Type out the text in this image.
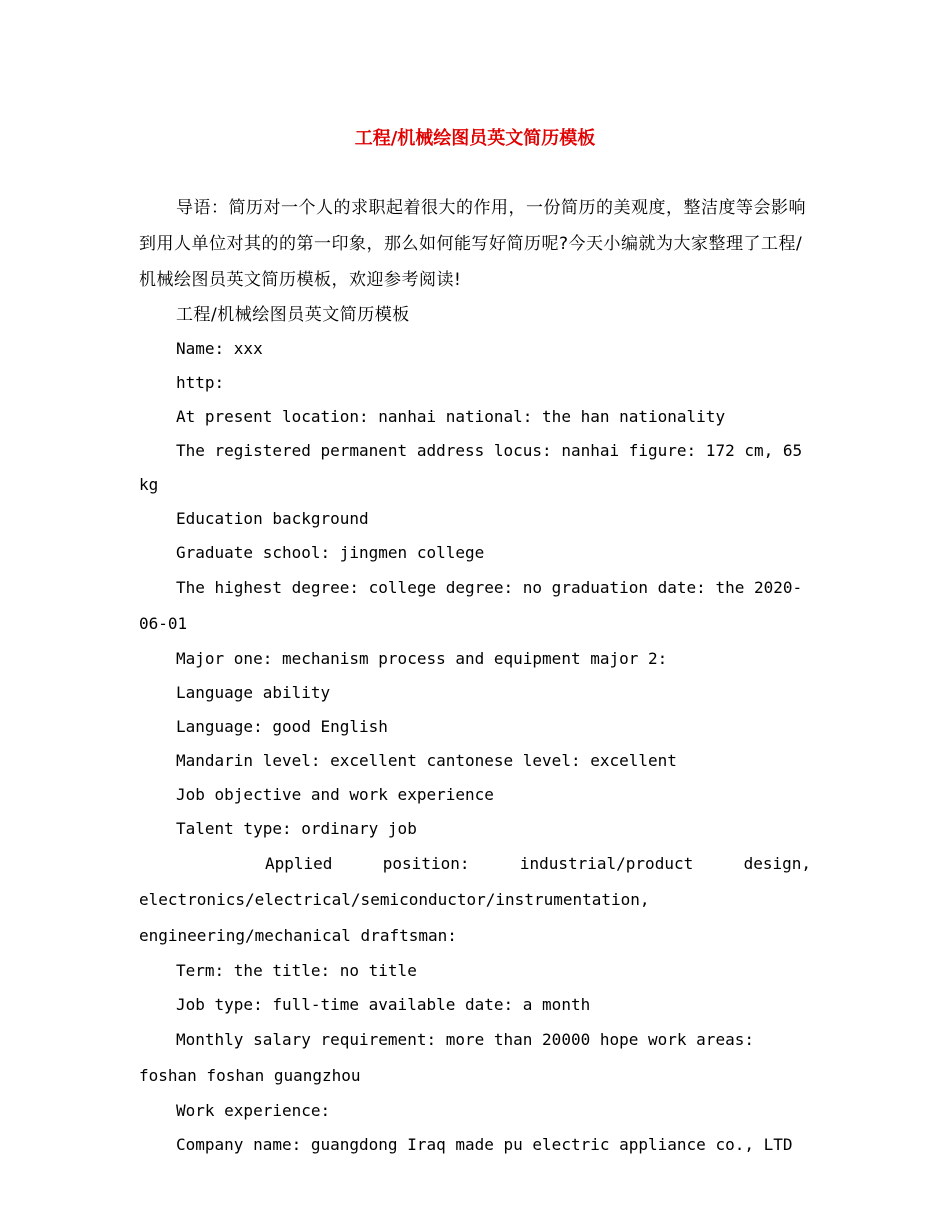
工程/机械绘图员英文简历模板

导语：简历对一个人的求职起着很大的作用，一份简历的美观度，整洁度等会影响到用人单位对其的的第一印象，那么如何能写好简历呢?今天小编就为大家整理了工程/机械绘图员英文简历模板，欢迎参考阅读!

工程/机械绘图员英文简历模板

Name: xxx

http:

At present location: nanhai national: the han nationality

The registered permanent address locus: nanhai figure: 172 cm, 65 kg

Education background

Graduate school: jingmen college

The highest degree: college degree: no graduation date: the 2020-06-01

Major one: mechanism process and equipment major 2:

Language ability

Language: good English

Mandarin level: excellent cantonese level: excellent

Job objective and work experience

Talent type: ordinary job

Applied position: industrial/product design,

electronics/electrical/semiconductor/instrumentation,

engineering/mechanical draftsman:

Term: the title: no title

Job type: full-time available date: a month

Monthly salary requirement: more than 20000 hope work areas: foshan foshan guangzhou

Work experience:

Company name: guangdong Iraq made pu electric appliance co., LTD
